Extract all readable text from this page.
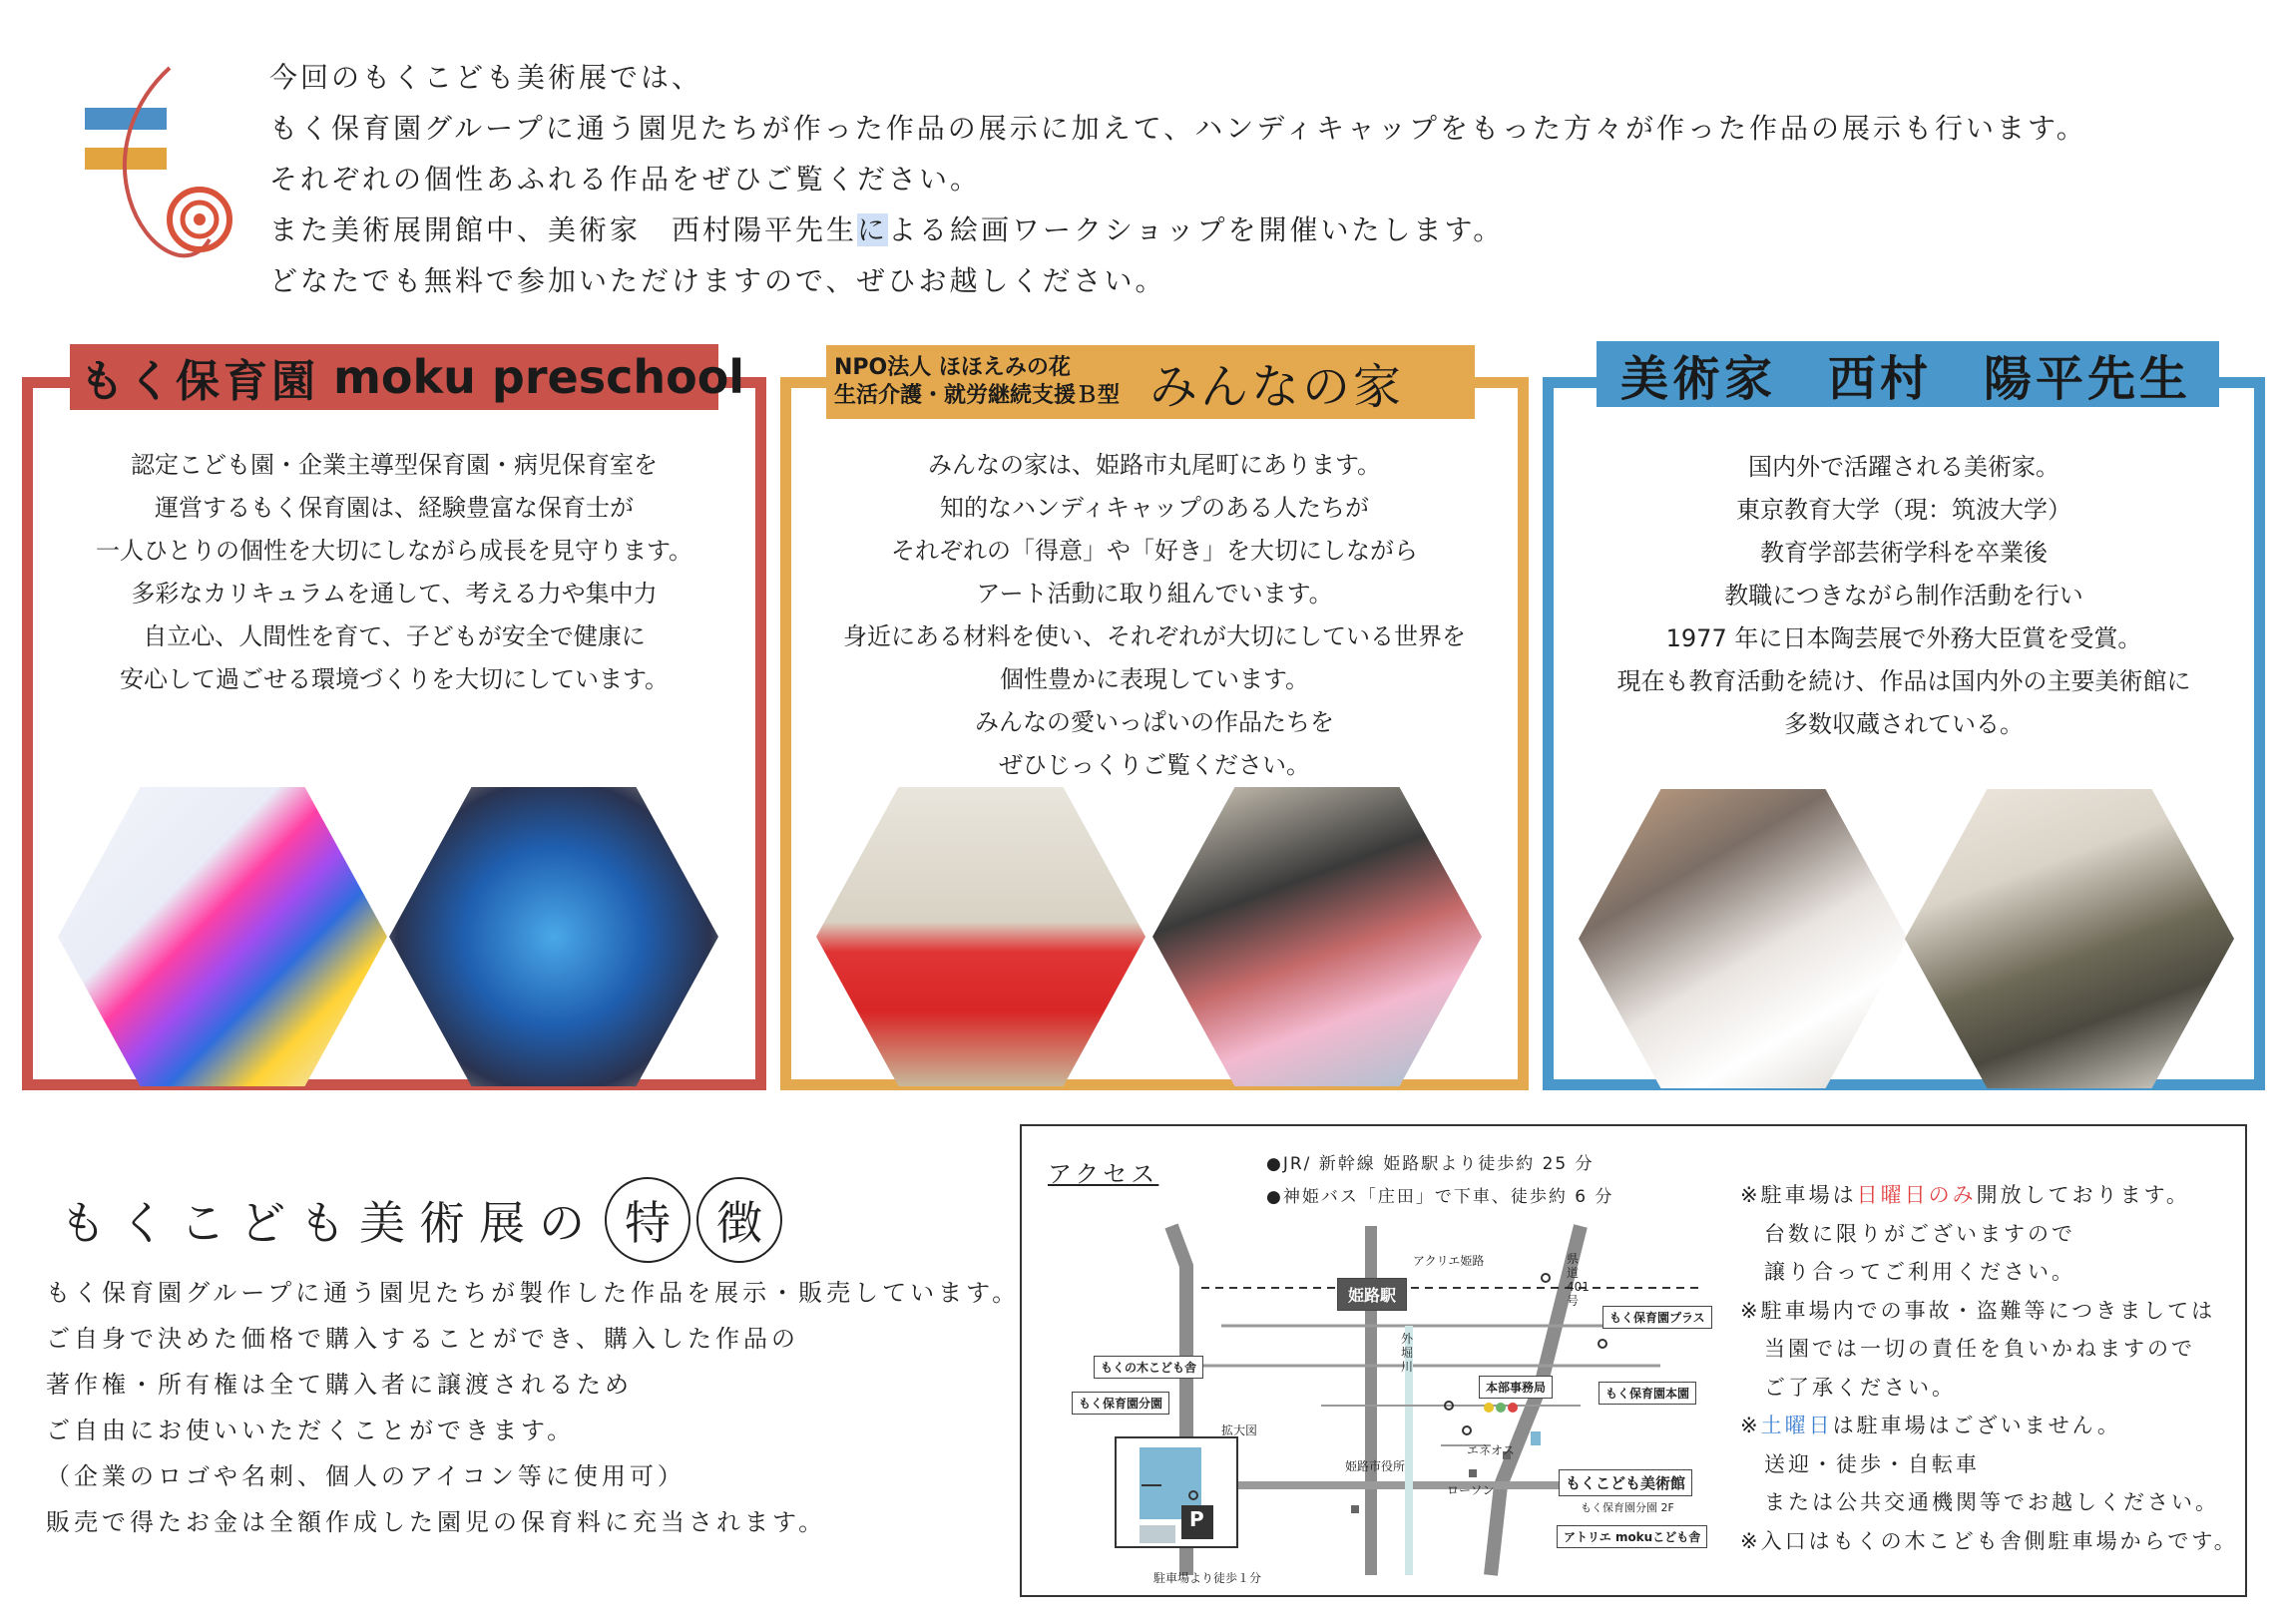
今回のもくこども美術展では、
もく保育園グループに通う園児たちが作った作品の展示に加えて、ハンディキャップをもった方々が作った作品の展示も行います。
それぞれの個性あふれる作品をぜひご覧ください。
また美術展開館中、美術家　西村陽平先生による絵画ワークショップを開催いたします。
どなたでも無料で参加いただけますので、ぜひお越しください。
認定こども園・企業主導型保育園・病児保育室を
運営するもく保育園は、経験豊富な保育士が
一人ひとりの個性を大切にしながら成長を見守ります。
多彩なカリキュラムを通して、考える力や集中力
自立心、人間性を育て、子どもが安全で健康に
安心して過ごせる環境づくりを大切にしています。
もく保育園 moku preschool
みんなの家は、姫路市丸尾町にあります。
知的なハンディキャップのある人たちが
それぞれの「得意」や「好き」を大切にしながら
アート活動に取り組んでいます。
身近にある材料を使い、それぞれが大切にしている世界を
個性豊かに表現しています。
みんなの愛いっぱいの作品たちを
ぜひじっくりご覧ください。
NPO法人 ほほえみの花
生活介護・就労継続支援Ｂ型 みんなの家
国内外で活躍される美術家。
東京教育大学（現：筑波大学）
教育学部芸術学科を卒業後
教職につきながら制作活動を行い
1977 年に日本陶芸展で外務大臣賞を受賞。
現在も教育活動を続け、作品は国内外の主要美術館に
多数収蔵されている。
美術家　西村　陽平先生
もくこども美術展の 特	徴
もく保育園グループに通う園児たちが製作した作品を展示・販売しています。
ご自身で決めた価格で購入することができ、購入した作品の
著作権・所有権は全て購入者に譲渡されるため
ご自由にお使いいただくことができます。
（企業のロゴや名刺、個人のアイコン等に使用可）
販売で得たお金は全額作成した園児の保育料に充当されます。
アクセス	●JR/ 新幹線 姫路駅より徒歩約 25 分
●神姫バス「庄田」で下車、徒歩約 6 分
姫路駅
アクリエ姫路	県道401号
もく保育園プラス
外堀川
本部事務局	もく保育園本園
もくの木こども舎
もく保育園分園
拡大図
姫路市役所
エネオス
ローソン	もくこども美術館
もく保育園分園 2F
アトリエ mokuこども舎
駐車場より徒歩１分
P
※駐車場は日曜日のみ開放しております。
　台数に限りがございますので
　譲り合ってご利用ください。
※駐車場内での事故・盗難等につきましては
　当園では一切の責任を負いかねますので
　ご了承ください。
※土曜日は駐車場はございません。
　送迎・徒歩・自転車
　または公共交通機関等でお越しください。
※入口はもくの木こども舎側駐車場からです。
